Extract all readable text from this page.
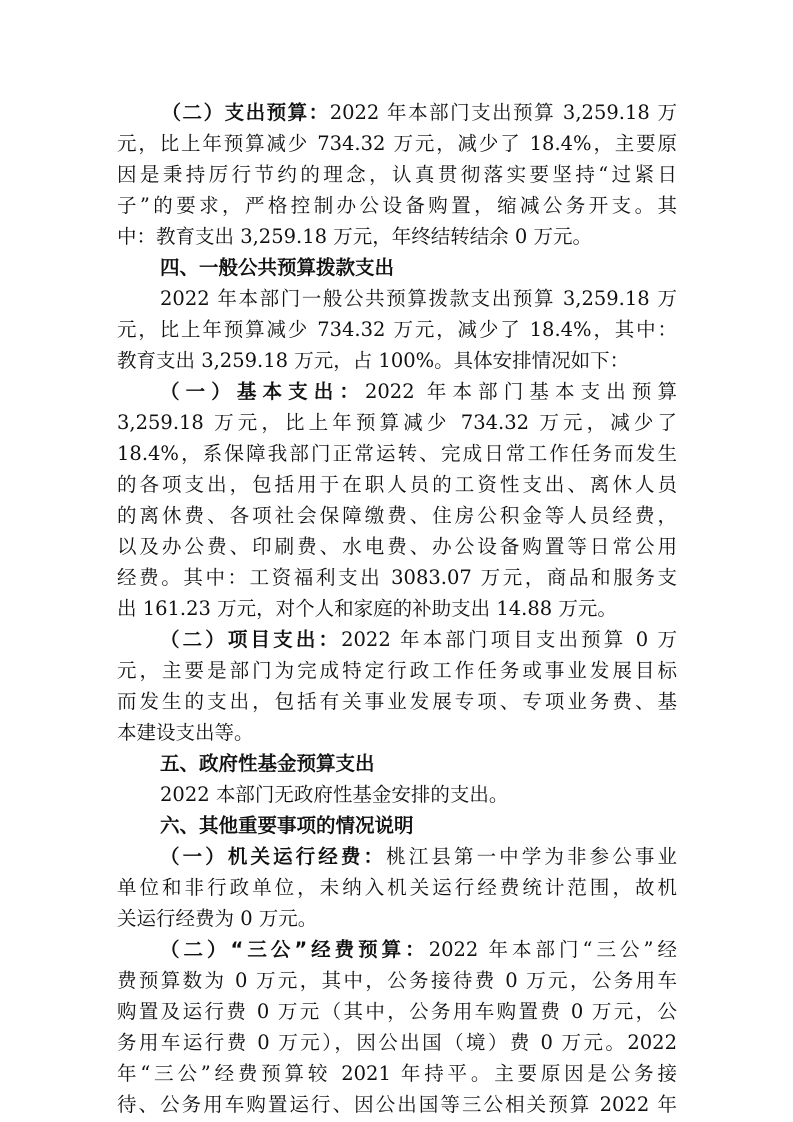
（二）支出预算：2022 年本部门支出预算 3,259.18 万
元，比上年预算减少 734.32 万元，减少了 18.4%，主要原
因是秉持厉行节约的理念，认真贯彻落实要坚持“过紧日
子”的要求，严格控制办公设备购置，缩减公务开支。其
中：教育支出 3,259.18 万元，年终结转结余 0 万元。
四、一般公共预算拨款支出
2022 年本部门一般公共预算拨款支出预算 3,259.18 万
元，比上年预算减少 734.32 万元，减少了 18.4%，其中：
教育支出 3,259.18 万元，占 100%。具体安排情况如下：
（一）基本支出：2022 年本部门基本支出预算
3,259.18 万元，比上年预算减少 734.32 万元，减少了
18.4%，系保障我部门正常运转、完成日常工作任务而发生
的各项支出，包括用于在职人员的工资性支出、离休人员
的离休费、各项社会保障缴费、住房公积金等人员经费，
以及办公费、印刷费、水电费、办公设备购置等日常公用
经费。其中：工资福利支出 3083.07 万元，商品和服务支
出 161.23 万元，对个人和家庭的补助支出 14.88 万元。
（二）项目支出：2022 年本部门项目支出预算 0 万
元，主要是部门为完成特定行政工作任务或事业发展目标
而发生的支出，包括有关事业发展专项、专项业务费、基
本建设支出等。
五、政府性基金预算支出
2022 本部门无政府性基金安排的支出。
六、其他重要事项的情况说明
（一）机关运行经费：桃江县第一中学为非参公事业
单位和非行政单位，未纳入机关运行经费统计范围，故机
关运行经费为 0 万元。
（二）“三公”经费预算：2022 年本部门“三公”经
费预算数为 0 万元，其中，公务接待费 0 万元，公务用车
购置及运行费 0 万元（其中，公务用车购置费 0 万元，公
务用车运行费 0 万元），因公出国（境）费 0 万元。2022
年“三公”经费预算较 2021 年持平。主要原因是公务接
待、公务用车购置运行、因公出国等三公相关预算 2022 年
